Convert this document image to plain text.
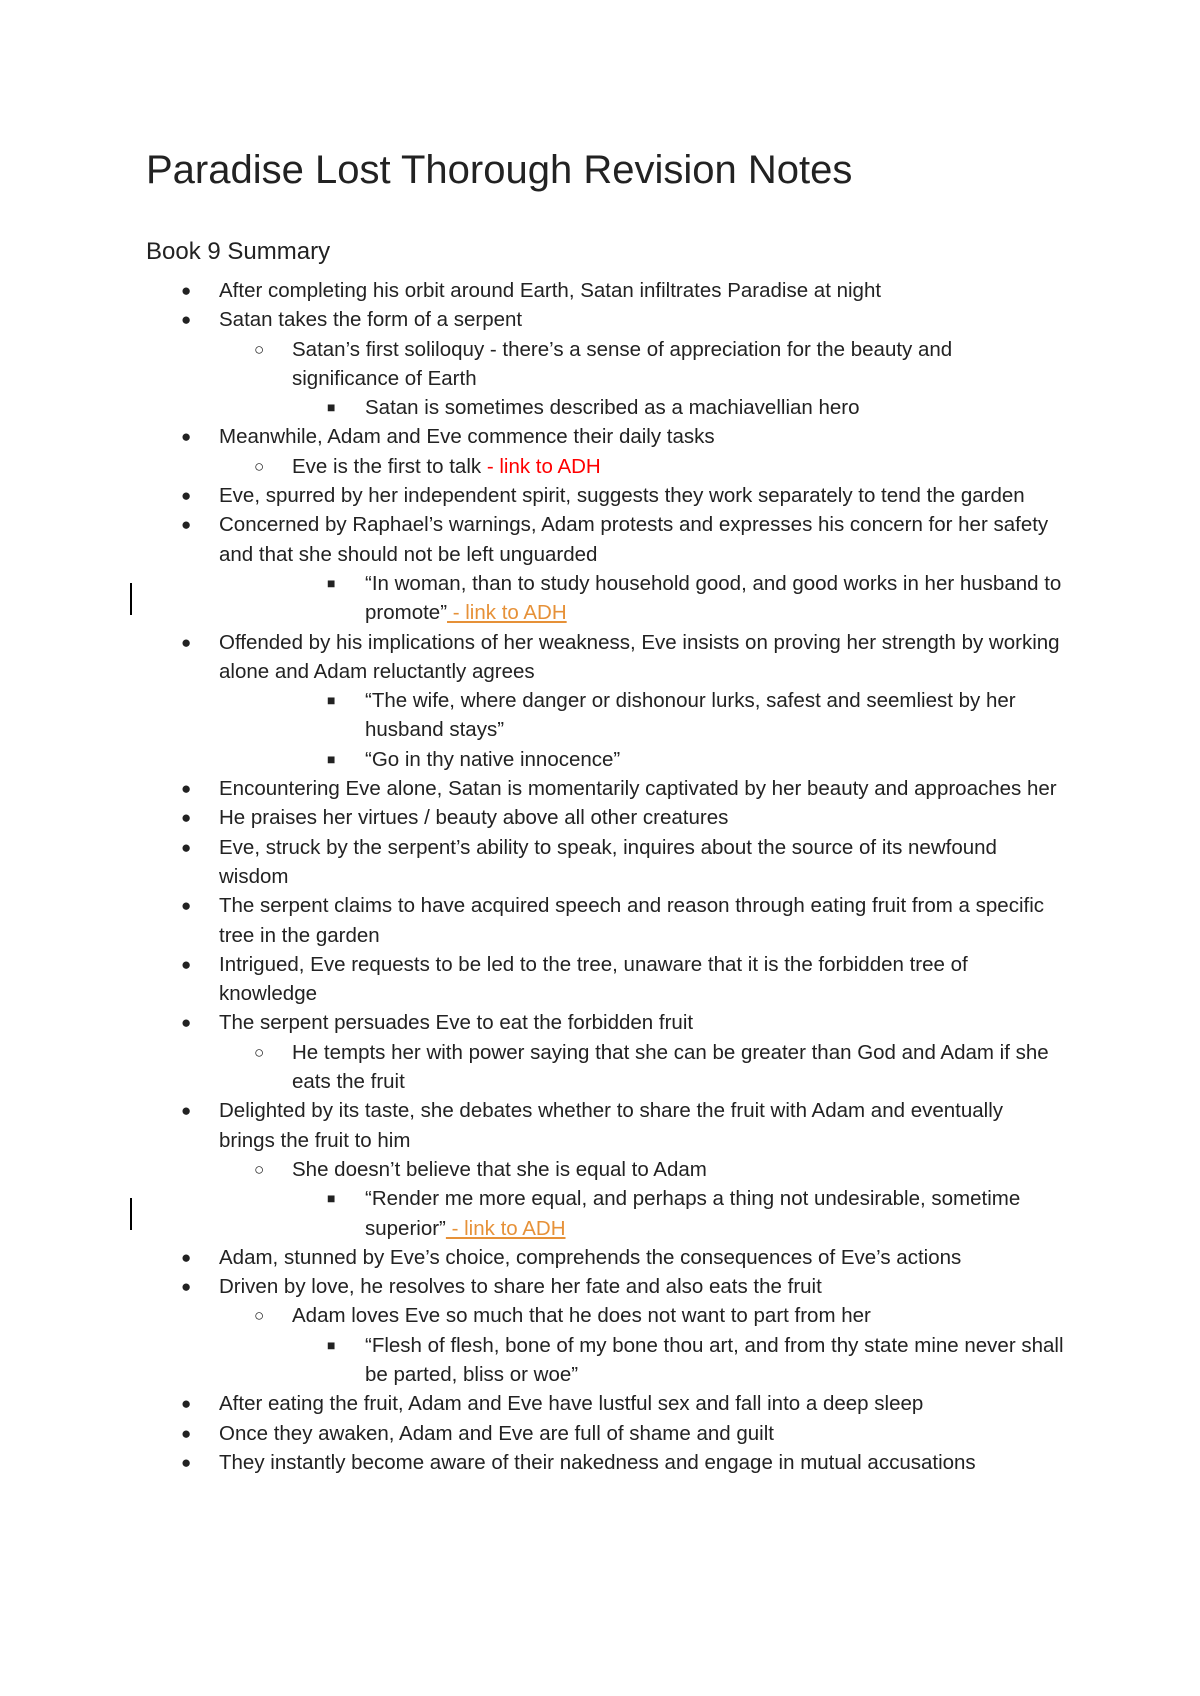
Paradise Lost Thorough Revision Notes
Book 9 Summary
● After completing his orbit around Earth, Satan infiltrates Paradise at night
● Satan takes the form of a serpent
○ Satan’s first soliloquy - there’s a sense of appreciation for the beauty and significance of Earth
■ Satan is sometimes described as a machiavellian hero
● Meanwhile, Adam and Eve commence their daily tasks
○ Eve is the first to talk - link to ADH
● Eve, spurred by her independent spirit, suggests they work separately to tend the garden
● Concerned by Raphael’s warnings, Adam protests and expresses his concern for her safety and that she should not be left unguarded
■ “In woman, than to study household good, and good works in her husband to promote” - link to ADH
● Offended by his implications of her weakness, Eve insists on proving her strength by working alone and Adam reluctantly agrees
■ “The wife, where danger or dishonour lurks, safest and seemliest by her husband stays”
■ “Go in thy native innocence”
● Encountering Eve alone, Satan is momentarily captivated by her beauty and approaches her
● He praises her virtues / beauty above all other creatures
● Eve, struck by the serpent’s ability to speak, inquires about the source of its newfound wisdom
● The serpent claims to have acquired speech and reason through eating fruit from a specific tree in the garden
● Intrigued, Eve requests to be led to the tree, unaware that it is the forbidden tree of knowledge
● The serpent persuades Eve to eat the forbidden fruit
○ He tempts her with power saying that she can be greater than God and Adam if she eats the fruit
● Delighted by its taste, she debates whether to share the fruit with Adam and eventually brings the fruit to him
○ She doesn’t believe that she is equal to Adam
■ “Render me more equal, and perhaps a thing not undesirable, sometime superior” - link to ADH
● Adam, stunned by Eve’s choice, comprehends the consequences of Eve’s actions
● Driven by love, he resolves to share her fate and also eats the fruit
○ Adam loves Eve so much that he does not want to part from her
■ “Flesh of flesh, bone of my bone thou art, and from thy state mine never shall be parted, bliss or woe”
● After eating the fruit, Adam and Eve have lustful sex and fall into a deep sleep
● Once they awaken, Adam and Eve are full of shame and guilt
● They instantly become aware of their nakedness and engage in mutual accusations
